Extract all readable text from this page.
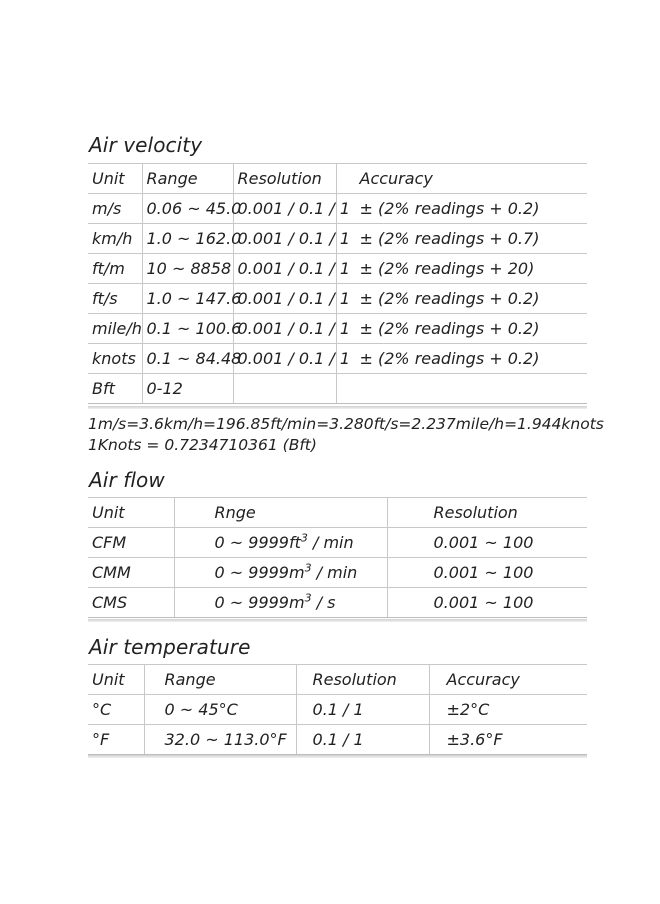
Air velocity
Unit	Range	Resolution	Accuracy
m/s	0.06 ~ 45.0	0.001 / 0.1 / 1	± (2% readings + 0.2)
km/h	1.0 ~ 162.0	0.001 / 0.1 / 1	± (2% readings + 0.7)
ft/m	10 ~ 8858	0.001 / 0.1 / 1	± (2% readings + 20)
ft/s	1.0 ~ 147.6	0.001 / 0.1 / 1	± (2% readings + 0.2)
mile/h	0.1 ~ 100.6	0.001 / 0.1 / 1	± (2% readings + 0.2)
knots	0.1 ~ 84.48	0.001 / 0.1 / 1	± (2% readings + 0.2)
Bft	0-12		
1m/s=3.6km/h=196.85ft/min=3.280ft/s=2.237mile/h=1.944knots
1Knots = 0.7234710361 (Bft)
Air flow
Unit	Rnge	Resolution
CFM	0 ~ $9999ft^3$ / min	0.001 ~ 100
CMM	0 ~ $9999m^3$ / min	0.001 ~ 100
CMS	0 ~ $9999m^3$ / s	0.001 ~ 100
Air temperature
Unit	Range	Resolution	Accuracy
°C	0 ~ 45°C	0.1 / 1	±2°C
°F	32.0 ~ 113.0°F	0.1 / 1	±3.6°F
